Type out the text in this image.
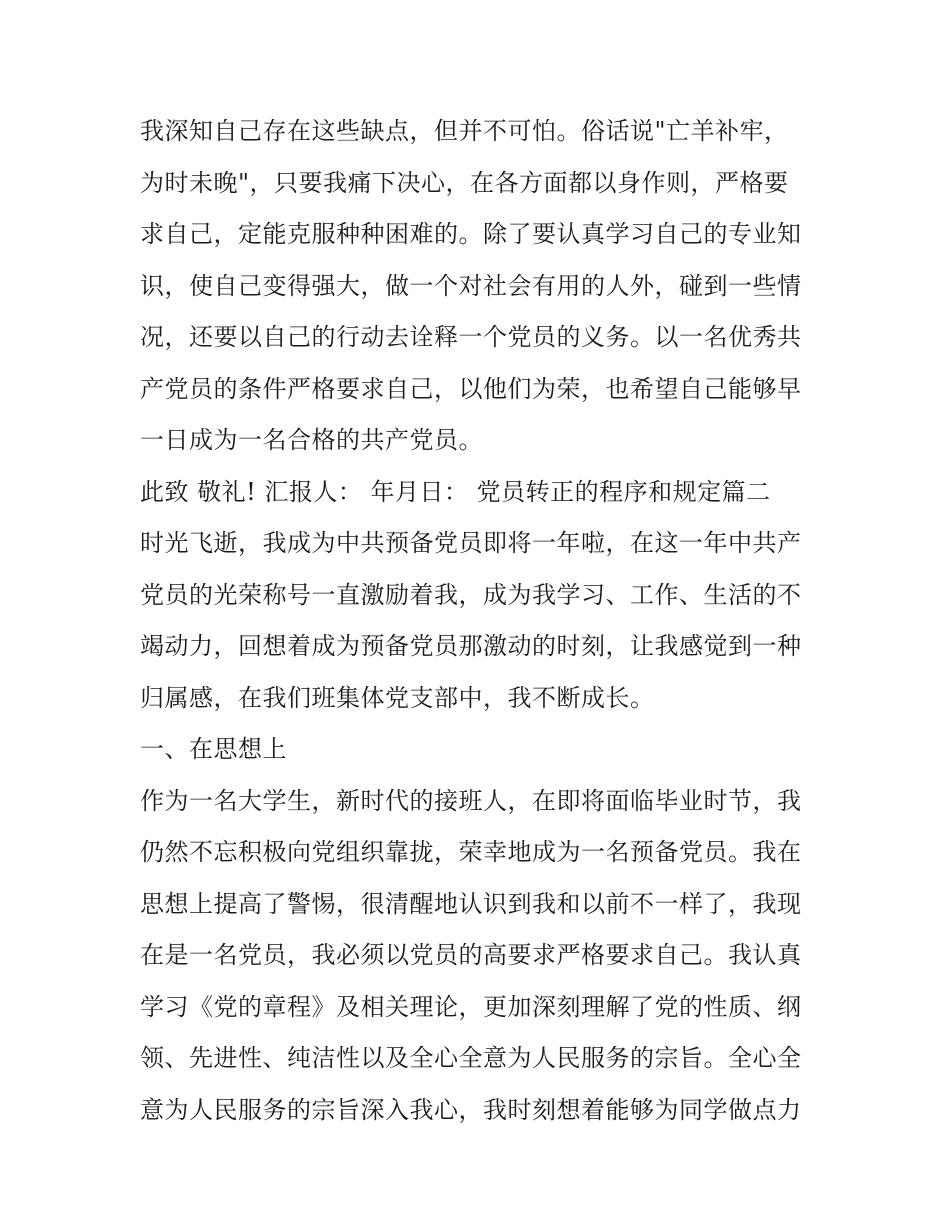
我深知自己存在这些缺点，但并不可怕。俗话说"亡羊补牢，
为时未晚"，只要我痛下决心，在各方面都以身作则，严格要
求自己，定能克服种种困难的。除了要认真学习自己的专业知
识，使自己变得强大，做一个对社会有用的人外，碰到一些情
况，还要以自己的行动去诠释一个党员的义务。以一名优秀共
产党员的条件严格要求自己，以他们为荣，也希望自己能够早
一日成为一名合格的共产党员。
此致 敬礼! 汇报人： 年月日： 党员转正的程序和规定篇二
时光飞逝，我成为中共预备党员即将一年啦，在这一年中共产
党员的光荣称号一直激励着我，成为我学习、工作、生活的不
竭动力，回想着成为预备党员那激动的时刻，让我感觉到一种
归属感，在我们班集体党支部中，我不断成长。
一、在思想上
作为一名大学生，新时代的接班人，在即将面临毕业时节，我
仍然不忘积极向党组织靠拢，荣幸地成为一名预备党员。我在
思想上提高了警惕，很清醒地认识到我和以前不一样了，我现
在是一名党员，我必须以党员的高要求严格要求自己。我认真
学习《党的章程》及相关理论，更加深刻理解了党的性质、纲
领、先进性、纯洁性以及全心全意为人民服务的宗旨。全心全
意为人民服务的宗旨深入我心，我时刻想着能够为同学做点力
